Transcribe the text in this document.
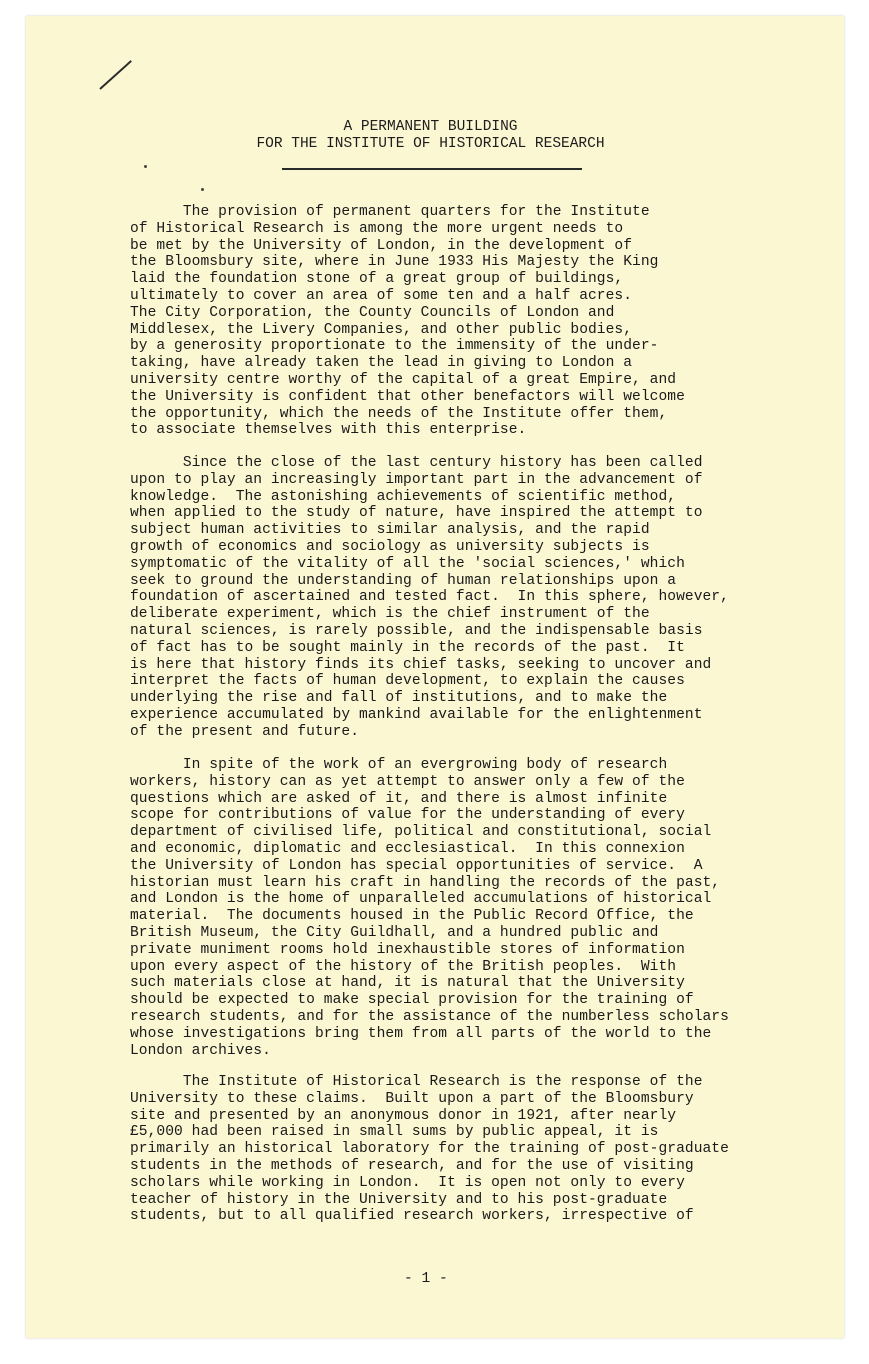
A PERMANENT BUILDING
FOR THE INSTITUTE OF HISTORICAL RESEARCH
The provision of permanent quarters for the Institute
of Historical Research is among the more urgent needs to
be met by the University of London, in the development of
the Bloomsbury site, where in June 1933 His Majesty the King
laid the foundation stone of a great group of buildings,
ultimately to cover an area of some ten and a half acres.
The City Corporation, the County Councils of London and
Middlesex, the Livery Companies, and other public bodies,
by a generosity proportionate to the immensity of the under-
taking, have already taken the lead in giving to London a
university centre worthy of the capital of a great Empire, and
the University is confident that other benefactors will welcome
the opportunity, which the needs of the Institute offer them,
to associate themselves with this enterprise.
Since the close of the last century history has been called
upon to play an increasingly important part in the advancement of
knowledge.  The astonishing achievements of scientific method,
when applied to the study of nature, have inspired the attempt to
subject human activities to similar analysis, and the rapid
growth of economics and sociology as university subjects is
symptomatic of the vitality of all the 'social sciences,' which
seek to ground the understanding of human relationships upon a
foundation of ascertained and tested fact.  In this sphere, however,
deliberate experiment, which is the chief instrument of the
natural sciences, is rarely possible, and the indispensable basis
of fact has to be sought mainly in the records of the past.  It
is here that history finds its chief tasks, seeking to uncover and
interpret the facts of human development, to explain the causes
underlying the rise and fall of institutions, and to make the
experience accumulated by mankind available for the enlightenment
of the present and future.
In spite of the work of an evergrowing body of research
workers, history can as yet attempt to answer only a few of the
questions which are asked of it, and there is almost infinite
scope for contributions of value for the understanding of every
department of civilised life, political and constitutional, social
and economic, diplomatic and ecclesiastical.  In this connexion
the University of London has special opportunities of service.  A
historian must learn his craft in handling the records of the past,
and London is the home of unparalleled accumulations of historical
material.  The documents housed in the Public Record Office, the
British Museum, the City Guildhall, and a hundred public and
private muniment rooms hold inexhaustible stores of information
upon every aspect of the history of the British peoples.  With
such materials close at hand, it is natural that the University
should be expected to make special provision for the training of
research students, and for the assistance of the numberless scholars
whose investigations bring them from all parts of the world to the
London archives.
The Institute of Historical Research is the response of the
University to these claims.  Built upon a part of the Bloomsbury
site and presented by an anonymous donor in 1921, after nearly
£5,000 had been raised in small sums by public appeal, it is
primarily an historical laboratory for the training of post-graduate
students in the methods of research, and for the use of visiting
scholars while working in London.  It is open not only to every
teacher of history in the University and to his post-graduate
students, but to all qualified research workers, irrespective of
- 1 -
